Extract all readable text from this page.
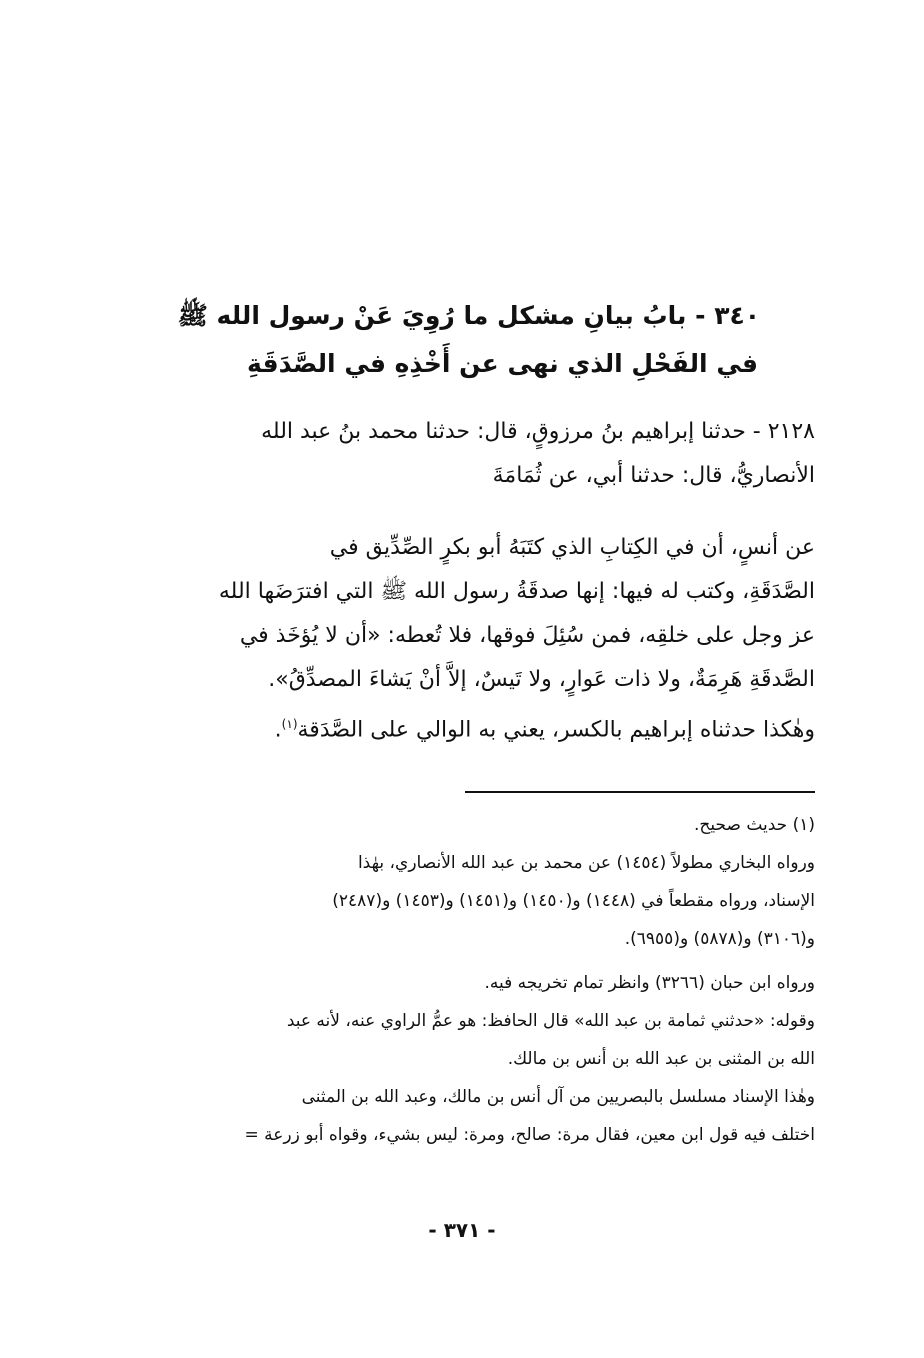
٣٤٠ - بابُ بيانِ مشكل ما رُوِيَ عَنْ رسول الله ﷺ
في الفَحْلِ الذي نهى عن أَخْذِهِ في الصَّدَقَةِ
٢١٢٨ - حدثنا إبراهيم بنُ مرزوقٍ، قال: حدثنا محمد بنُ عبد الله
الأنصاريُّ، قال: حدثنا أبي، عن ثُمَامَةَ
عن أنسٍ، أن في الكِتابِ الذي كتَبَهُ أبو بكرٍ الصِّدِّيق في
الصَّدَقَةِ، وكتب له فيها: إنها صدقَةُ رسول الله ﷺ التي افترَضَها الله
عز وجل على خلقِه، فمن سُئِلَ فوقها، فلا تُعطه: «أن لا يُؤخَذ في
الصَّدقَةِ هَرِمَةٌ، ولا ذات عَوارٍ، ولا تَيسٌ، إلاَّ أنْ يَشاءَ المصدِّقُ».
وهٰكذا حدثناه إبراهيم بالكسر، يعني به الوالي على الصَّدَقة$^{(١)}$.
(١) حديث صحيح.
ورواه البخاري مطولاً (١٤٥٤) عن محمد بن عبد الله الأنصاري، بهٰذا
الإسناد، ورواه مقطعاً في (١٤٤٨) و(١٤٥٠) و(١٤٥١) و(١٤٥٣) و(٢٤٨٧)
و(٣١٠٦) و(٥٨٧٨) و(٦٩٥٥).
ورواه ابن حبان (٣٢٦٦) وانظر تمام تخريجه فيه.
وقوله: «حدثني ثمامة بن عبد الله» قال الحافظ: هو عمُّ الراوي عنه، لأنه عبد
الله بن المثنى بن عبد الله بن أنس بن مالك.
وهٰذا الإسناد مسلسل بالبصريين من آل أنس بن مالك، وعبد الله بن المثنى
اختلف فيه قول ابن معين، فقال مرة: صالح، ومرة: ليس بشيء، وقواه أبو زرعة =
- ٣٧١ -
